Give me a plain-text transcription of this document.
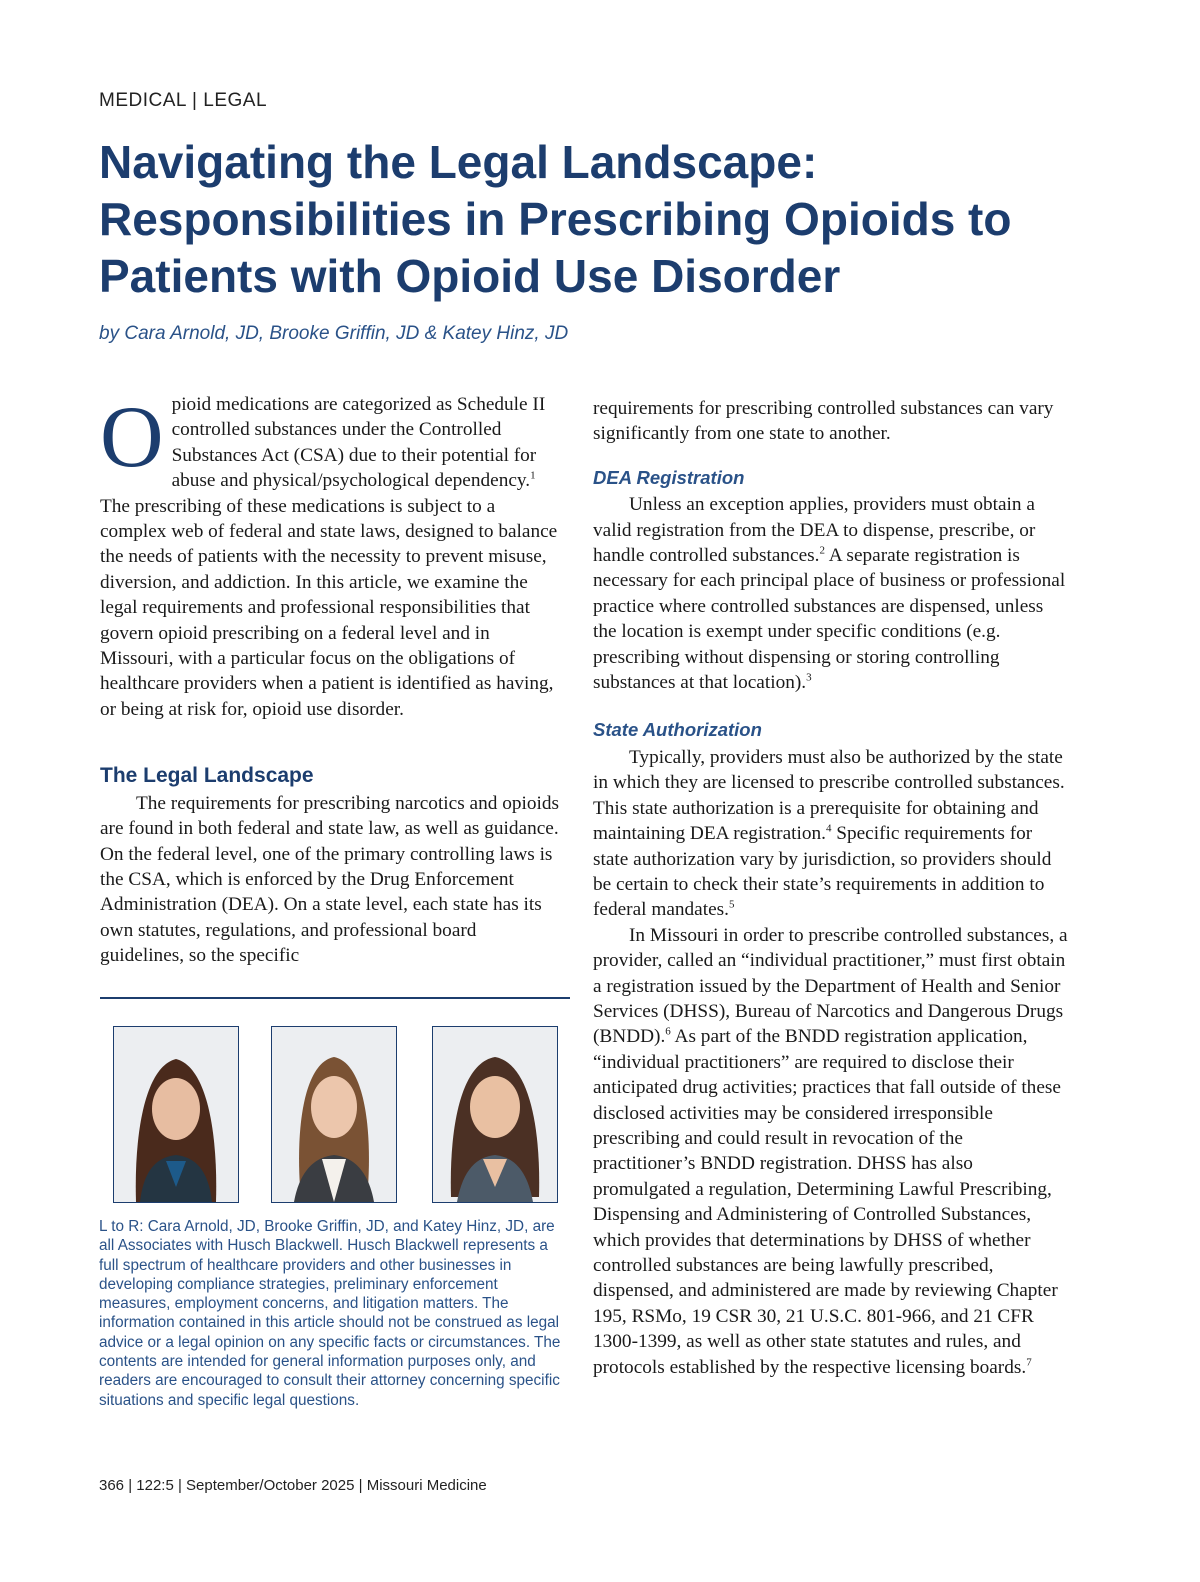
MEDICAL | LEGAL
Navigating the Legal Landscape: Responsibilities in Prescribing Opioids to Patients with Opioid Use Disorder
by Cara Arnold, JD, Brooke Griffin, JD & Katey Hinz, JD

Opioid medications are categorized as Schedule II controlled substances under the Controlled Substances Act (CSA) due to their potential for abuse and physical/psychological dependency.$^1$ The prescribing of these medications is subject to a complex web of federal and state laws, designed to balance the needs of patients with the necessity to prevent misuse, diversion, and addiction. In this article, we examine the legal requirements and professional responsibilities that govern opioid prescribing on a federal level and in Missouri, with a particular focus on the obligations of healthcare providers when a patient is identified as having, or being at risk for, opioid use disorder.

The Legal Landscape

The requirements for prescribing narcotics and opioids are found in both federal and state law, as well as guidance. On the federal level, one of the primary controlling laws is the CSA, which is enforced by the Drug Enforcement Administration (DEA). On a state level, each state has its own statutes, regulations, and professional board guidelines, so the specific

L to R: Cara Arnold, JD, Brooke Griffin, JD, and Katey Hinz, JD, are all Associates with Husch Blackwell. Husch Blackwell represents a full spectrum of healthcare providers and other businesses in developing compliance strategies, preliminary enforcement measures, employment concerns, and litigation matters. The information contained in this article should not be construed as legal advice or a legal opinion on any specific facts or circumstances. The contents are intended for general information purposes only, and readers are encouraged to consult their attorney concerning specific situations and specific legal questions.

requirements for prescribing controlled substances can vary significantly from one state to another.

DEA Registration

Unless an exception applies, providers must obtain a valid registration from the DEA to dispense, prescribe, or handle controlled substances.$^2$ A separate registration is necessary for each principal place of business or professional practice where controlled substances are dispensed, unless the location is exempt under specific conditions (e.g. prescribing without dispensing or storing controlling substances at that location).$^3$

State Authorization

Typically, providers must also be authorized by the state in which they are licensed to prescribe controlled substances. This state authorization is a prerequisite for obtaining and maintaining DEA registration.$^4$ Specific requirements for state authorization vary by jurisdiction, so providers should be certain to check their state’s requirements in addition to federal mandates.$^5$

In Missouri in order to prescribe controlled substances, a provider, called an “individual practitioner,” must first obtain a registration issued by the Department of Health and Senior Services (DHSS), Bureau of Narcotics and Dangerous Drugs (BNDD).$^6$ As part of the BNDD registration application, “individual practitioners” are required to disclose their anticipated drug activities; practices that fall outside of these disclosed activities may be considered irresponsible prescribing and could result in revocation of the practitioner’s BNDD registration. DHSS has also promulgated a regulation, Determining Lawful Prescribing, Dispensing and Administering of Controlled Substances, which provides that determinations by DHSS of whether controlled substances are being lawfully prescribed, dispensed, and administered are made by reviewing Chapter 195, RSMo, 19 CSR 30, 21 U.S.C. 801-966, and 21 CFR 1300-1399, as well as other state statutes and rules, and protocols established by the respective licensing boards.$^7$

366 | 122:5 | September/October 2025 | Missouri Medicine
